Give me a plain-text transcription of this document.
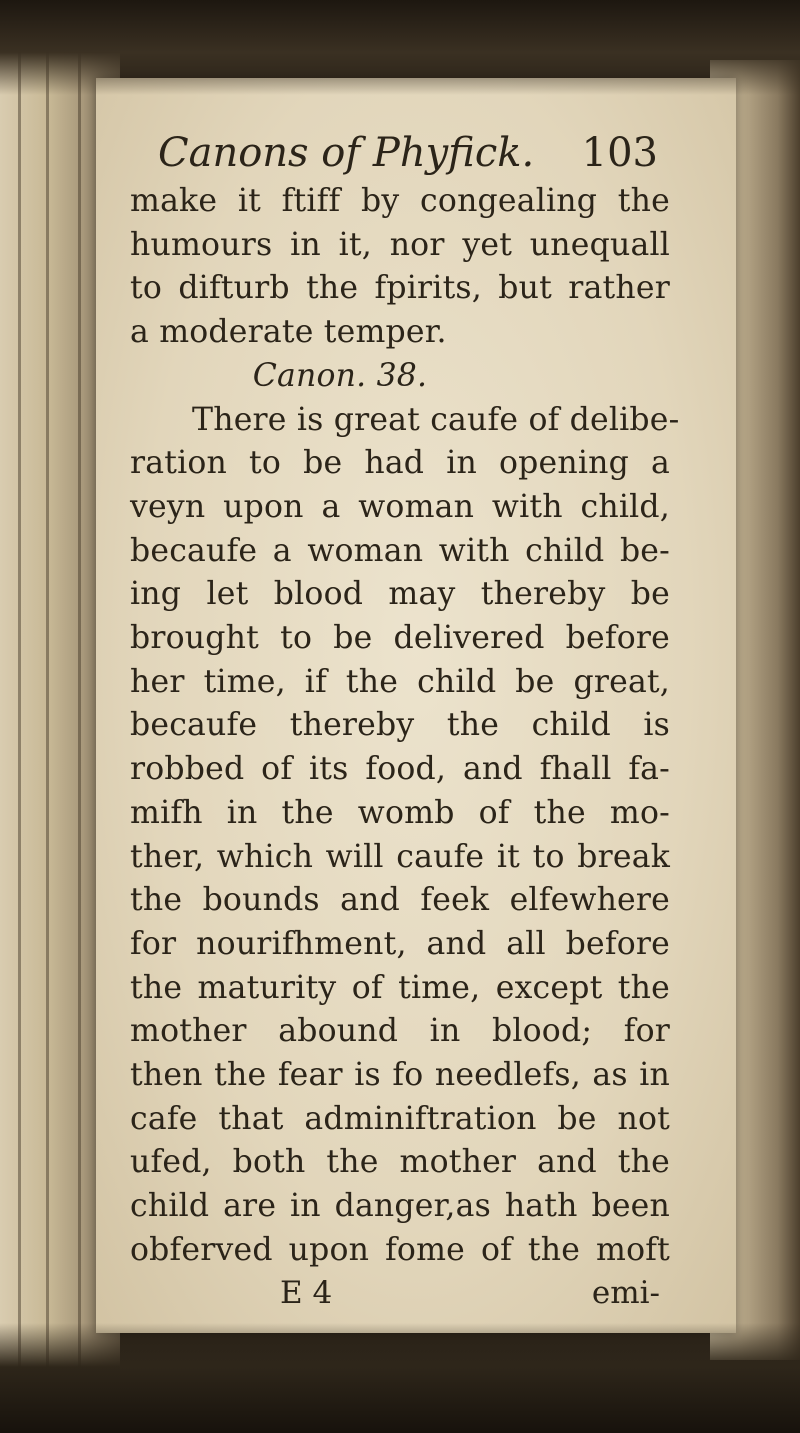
Canons of Phyfick. 103
make it ftiff by congealing the
humours in it, nor yet unequall
to difturb the fpirits, but rather
a moderate temper.
Canon. 38.
There is great caufe of delibe-
ration to be had in opening a
veyn upon a woman with child,
becaufe a woman with child be-
ing let blood may thereby be
brought to be delivered before
her time, if the child be great,
becaufe thereby the child is
robbed of its food, and fhall fa-
mifh in the womb of the mo-
ther, which will caufe it to break
the bounds and feek elfewhere
for nourifhment, and all before
the maturity of time, except the
mother abound in blood; for
then the fear is fo needlefs, as in
cafe that adminiftration be not
ufed, both the mother and the
child are in danger,as hath been
obferved upon fome of the moft
E 4	emi-
